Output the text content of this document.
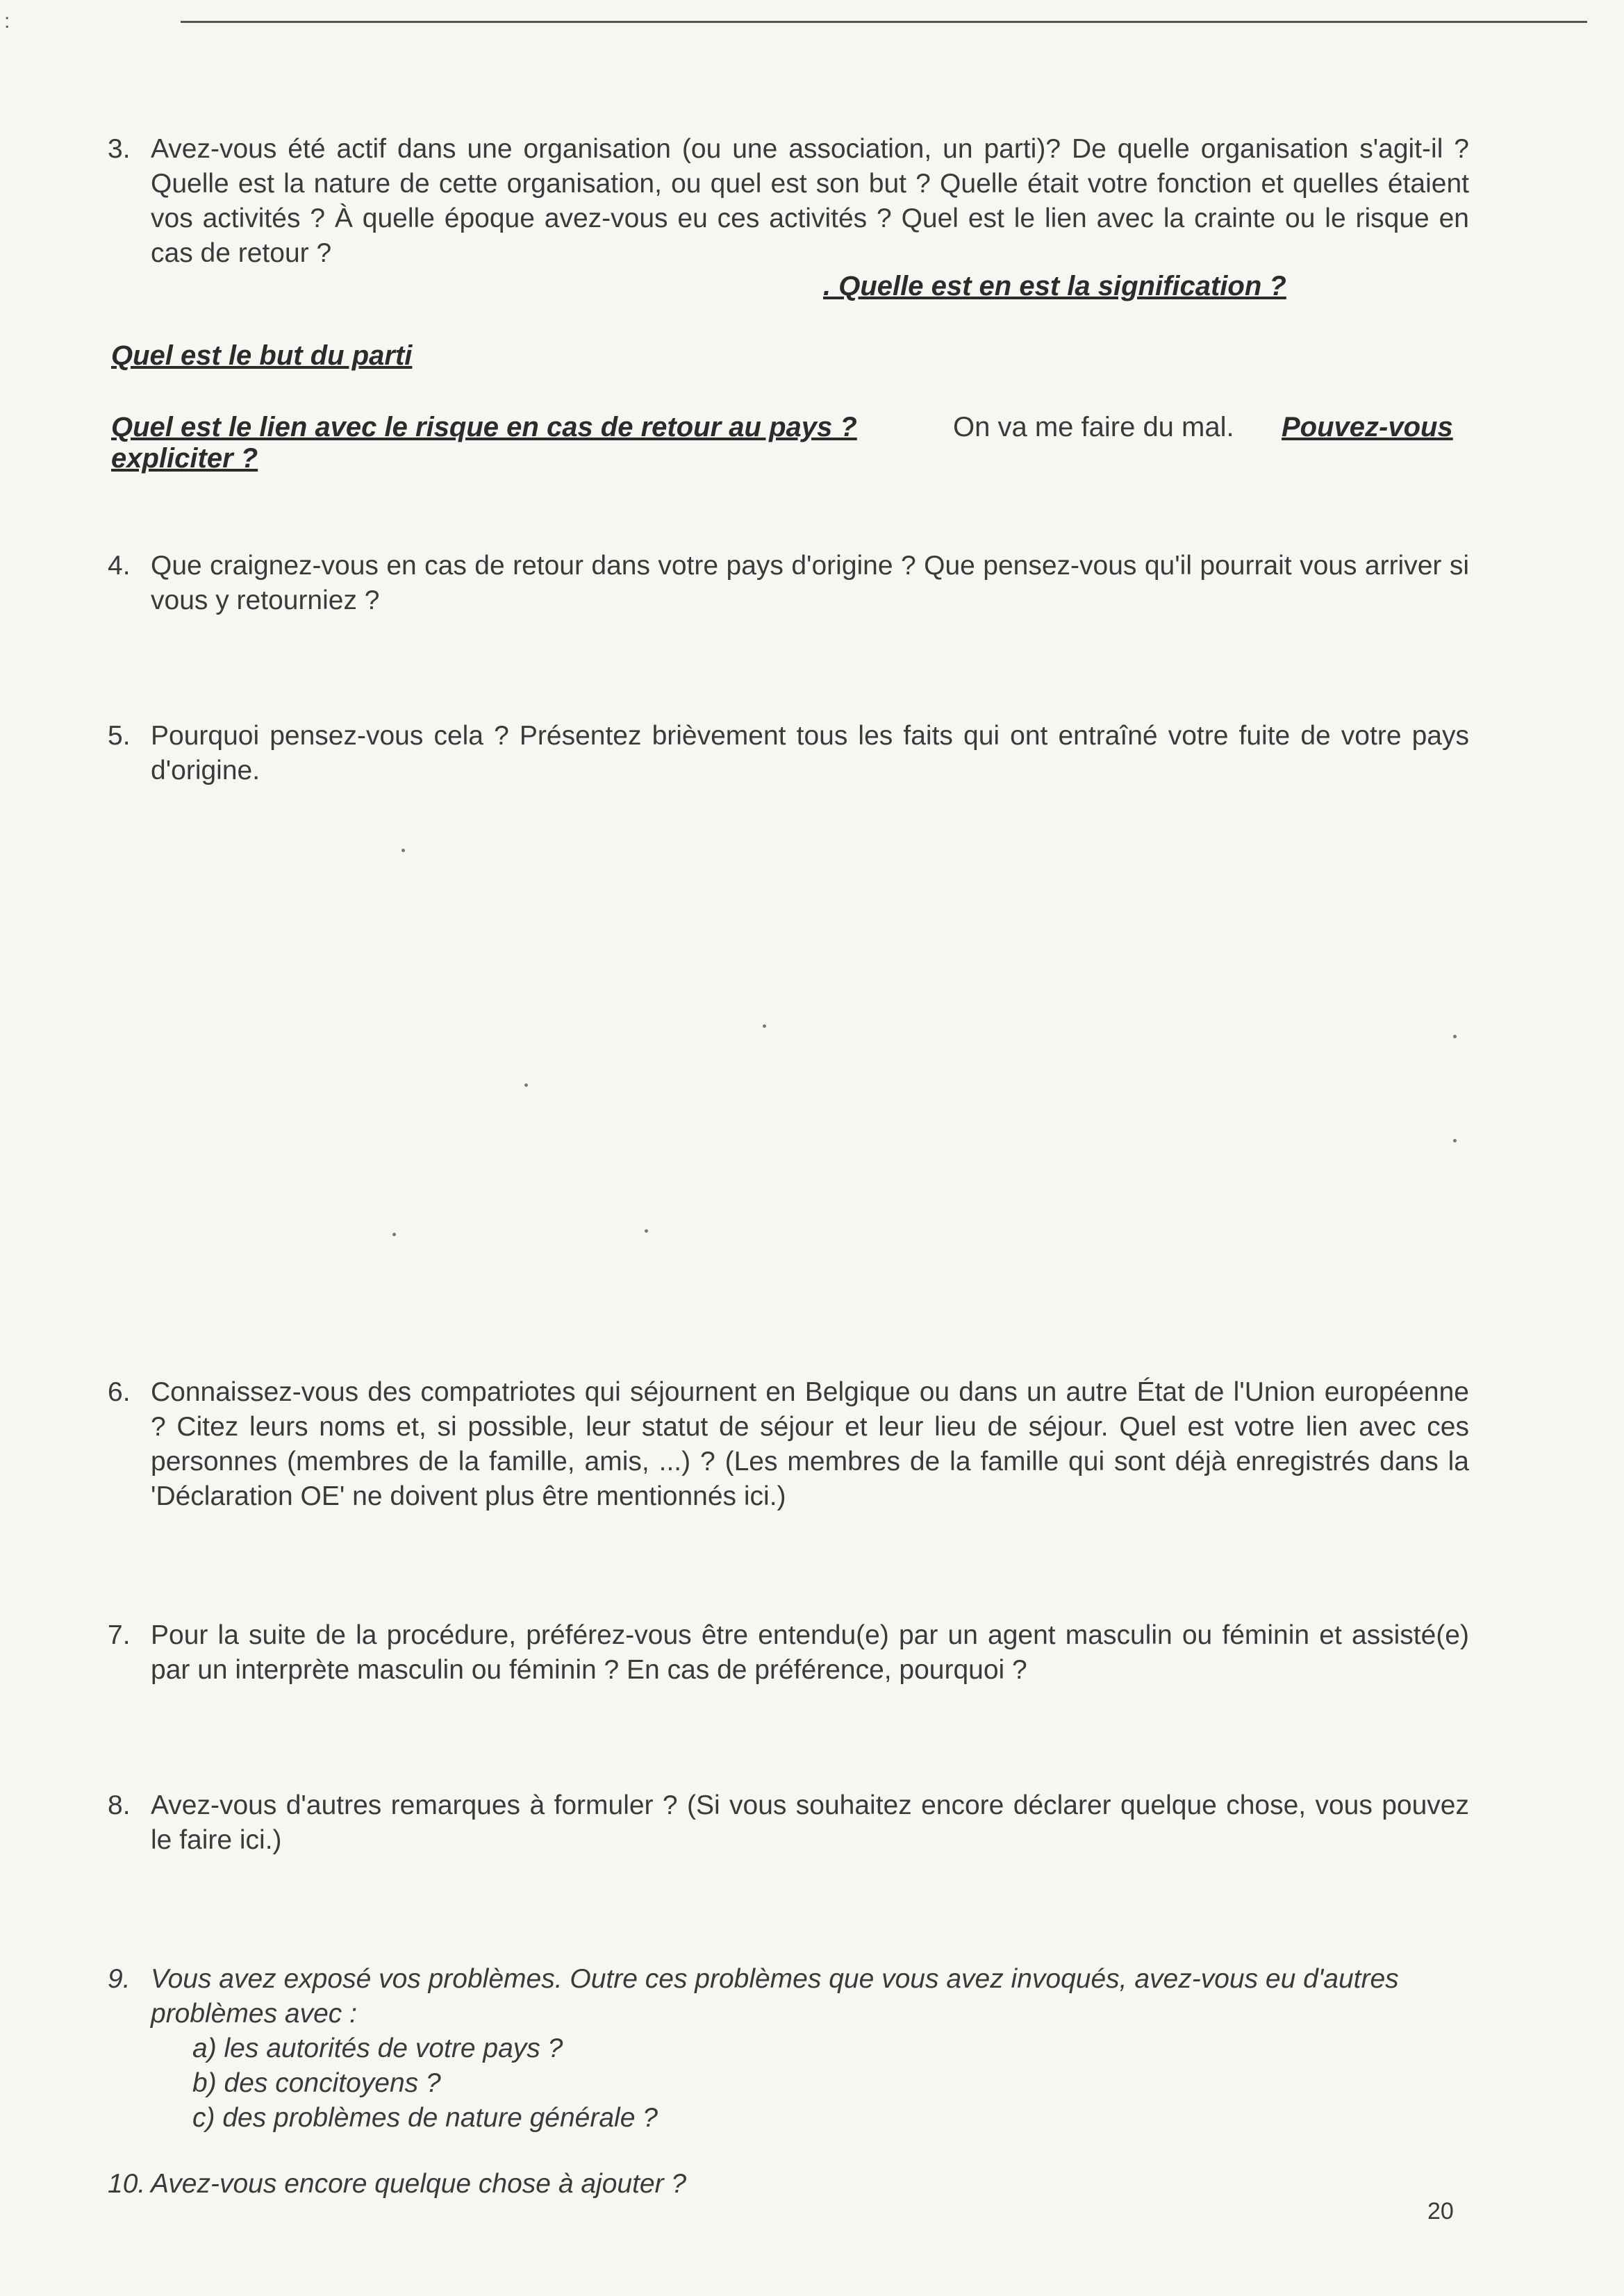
:
3. Avez-vous été actif dans une organisation (ou une association, un parti)? De quelle organisation s'agit-il ? Quelle est la nature de cette organisation, ou quel est son but ? Quelle était votre fonction et quelles étaient vos activités ? À quelle époque avez-vous eu ces activités ? Quel est le lien avec la crainte ou le risque en cas de retour ?
. Quelle est en est la signification ?
Quel est le but du parti
Quel est le lien avec le risque en cas de retour au pays ?	On va me faire du mal. Pouvez-vous
expliciter ?
4. Que craignez-vous en cas de retour dans votre pays d'origine ? Que pensez-vous qu'il pourrait vous arriver si vous y retourniez ?
5. Pourquoi pensez-vous cela ? Présentez brièvement tous les faits qui ont entraîné votre fuite de votre pays d'origine.
6. Connaissez-vous des compatriotes qui séjournent en Belgique ou dans un autre État de l'Union européenne ? Citez leurs noms et, si possible, leur statut de séjour et leur lieu de séjour. Quel est votre lien avec ces personnes (membres de la famille, amis, ...) ? (Les membres de la famille qui sont déjà enregistrés dans la 'Déclaration OE' ne doivent plus être mentionnés ici.)
7. Pour la suite de la procédure, préférez-vous être entendu(e) par un agent masculin ou féminin et assisté(e) par un interprète masculin ou féminin ? En cas de préférence, pourquoi ?
8. Avez-vous d'autres remarques à formuler ? (Si vous souhaitez encore déclarer quelque chose, vous pouvez le faire ici.)
9. Vous avez exposé vos problèmes. Outre ces problèmes que vous avez invoqués, avez-vous eu d'autres problèmes avec :
a) les autorités de votre pays ?
b) des concitoyens ?
c) des problèmes de nature générale ?
10. Avez-vous encore quelque chose à ajouter ?
20
